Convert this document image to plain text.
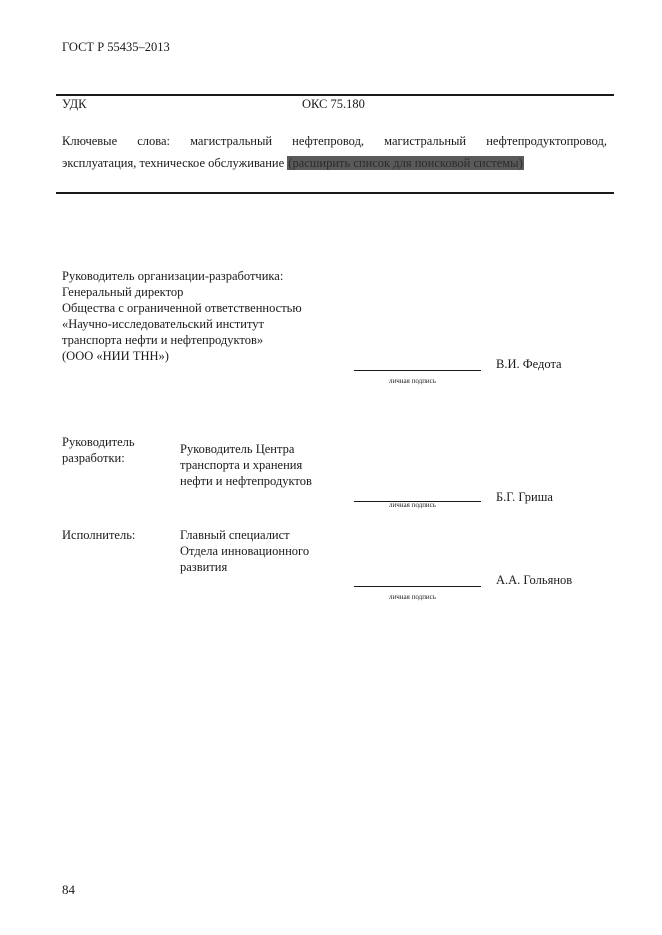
ГОСТ Р 55435–2013
УДК	ОКС 75.180
Ключевые слова: магистральный нефтепровод, магистральный нефтепродуктопровод,
эксплуатация, техническое обслуживание (расширить список для поисковой системы)
Руководитель организации-разработчика:
Генеральный директор
Общества с ограниченной ответственностью
«Научно-исследовательский институт
транспорта нефти и нефтепродуктов»
(ООО «НИИ ТНН»)
личная подпись
В.И. Федота
Руководитель
разработки:
Руководитель Центра
транспорта и хранения
нефти и нефтепродуктов
личная подпись
Б.Г. Гриша
Исполнитель:	Главный специалист
Отдела инновационного
развития
личная подпись
А.А. Гольянов
84
